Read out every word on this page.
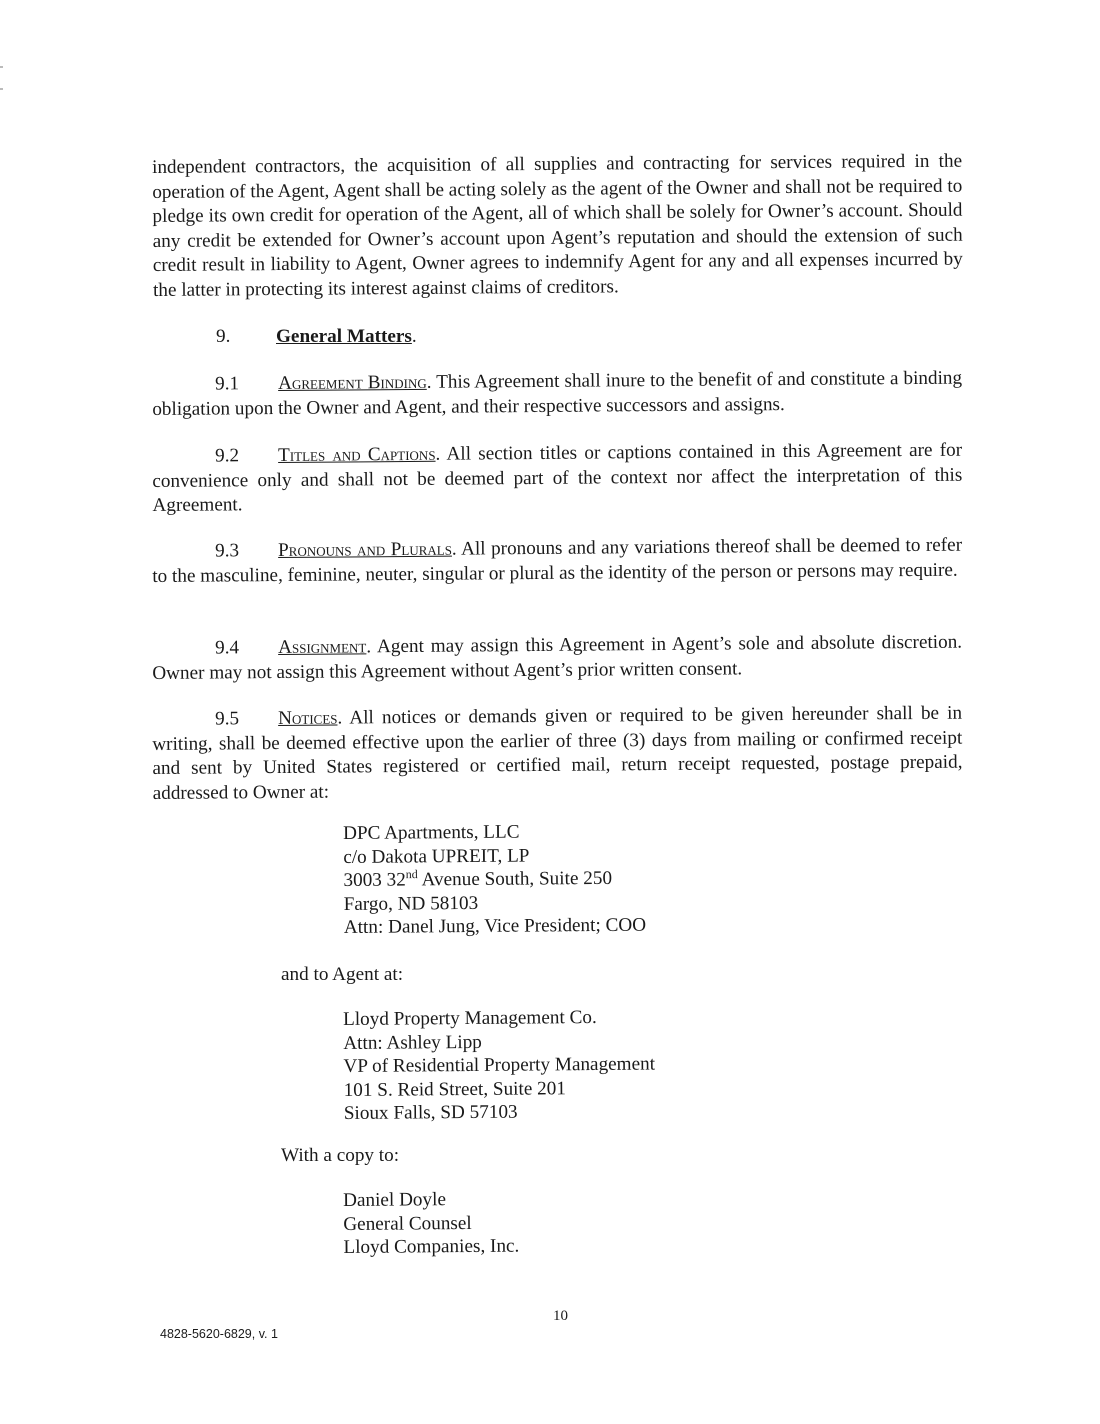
independent contractors, the acquisition of all supplies and contracting for services required in the operation of the Agent, Agent shall be acting solely as the agent of the Owner and shall not be required to pledge its own credit for operation of the Agent, all of which shall be solely for Owner’s account. Should any credit be extended for Owner’s account upon Agent’s reputation and should the extension of such credit result in liability to Agent, Owner agrees to indemnify Agent for any and all expenses incurred by the latter in protecting its interest against claims of creditors.

9. General Matters.

9.1 Agreement Binding. This Agreement shall inure to the benefit of and constitute a binding obligation upon the Owner and Agent, and their respective successors and assigns.

9.2 Titles and Captions. All section titles or captions contained in this Agreement are for convenience only and shall not be deemed part of the context nor affect the interpretation of this Agreement.

9.3 Pronouns and Plurals. All pronouns and any variations thereof shall be deemed to refer to the masculine, feminine, neuter, singular or plural as the identity of the person or persons may require.

9.4 Assignment. Agent may assign this Agreement in Agent’s sole and absolute discretion. Owner may not assign this Agreement without Agent’s prior written consent.

9.5 Notices. All notices or demands given or required to be given hereunder shall be in writing, shall be deemed effective upon the earlier of three (3) days from mailing or confirmed receipt and sent by United States registered or certified mail, return receipt requested, postage prepaid, addressed to Owner at:

DPC Apartments, LLC
c/o Dakota UPREIT, LP
3003 32nd Avenue South, Suite 250
Fargo, ND 58103
Attn: Danel Jung, Vice President; COO
and to Agent at:
Lloyd Property Management Co.
Attn: Ashley Lipp
VP of Residential Property Management
101 S. Reid Street, Suite 201
Sioux Falls, SD 57103
With a copy to:
Daniel Doyle
General Counsel
Lloyd Companies, Inc.
10
4828-5620-6829, v. 1
